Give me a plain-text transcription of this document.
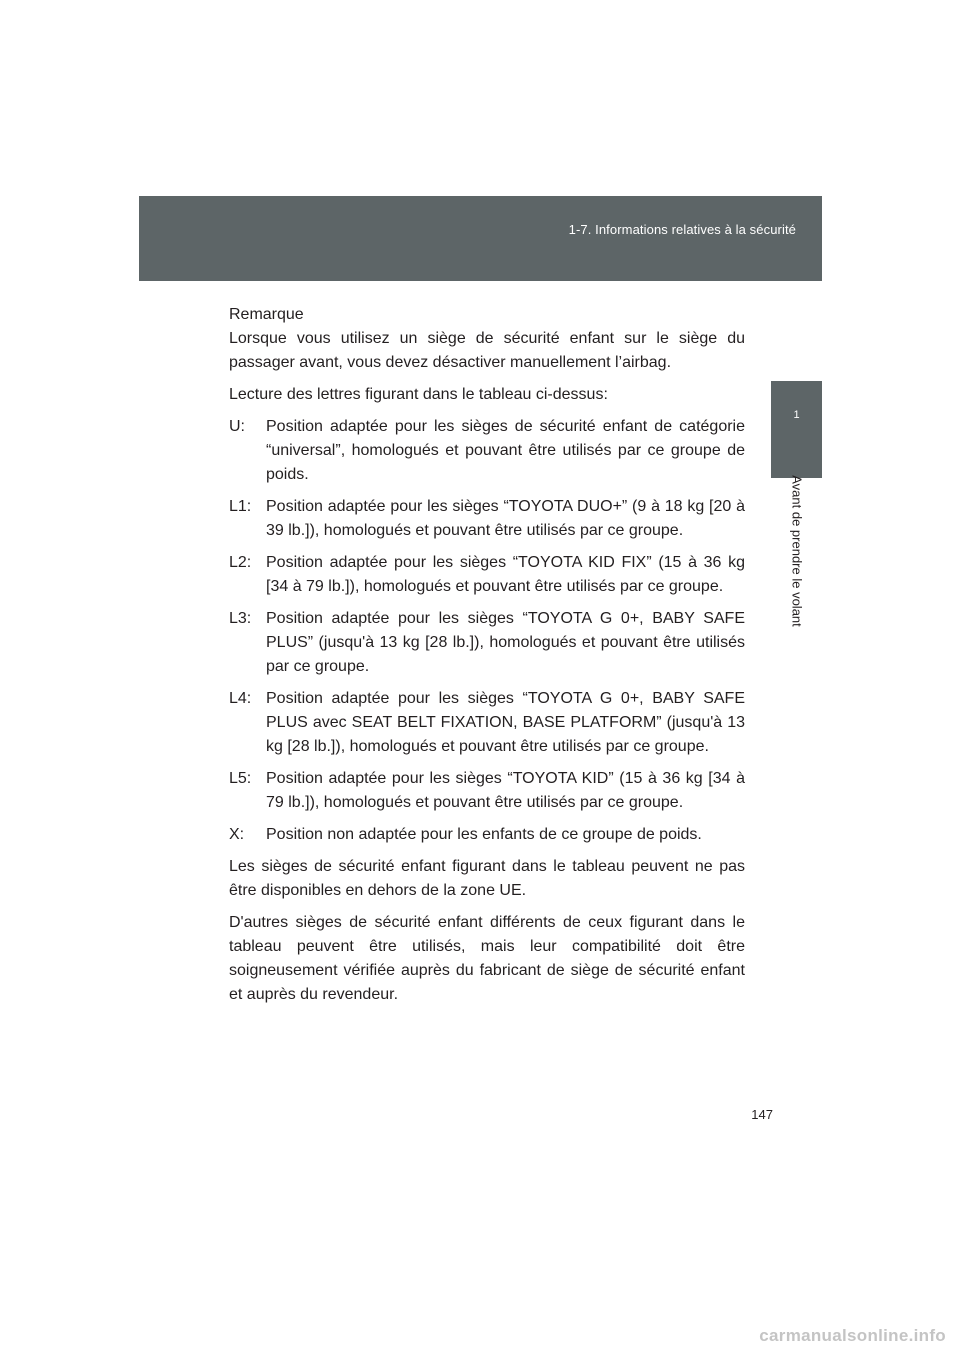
1-7. Informations relatives à la sécurité
1
Avant de prendre le volant

Remarque

Lorsque vous utilisez un siège de sécurité enfant sur le siège du passager avant, vous devez désactiver manuellement l’airbag.

Lecture des lettres figurant dans le tableau ci-dessus:

U:	Position adaptée pour les sièges de sécurité enfant de catégorie “universal”, homologués et pouvant être utilisés par ce groupe de poids.
L1: Position adaptée pour les sièges “TOYOTA DUO+” (9 à 18 kg [20 à 39 lb.]), homologués et pouvant être utilisés par ce groupe.
L2: Position adaptée pour les sièges “TOYOTA KID FIX” (15 à 36 kg [34 à 79 lb.]), homologués et pouvant être utilisés par ce groupe.
L3: Position adaptée pour les sièges “TOYOTA G 0+, BABY SAFE PLUS” (jusqu'à 13 kg [28 lb.]), homologués et pouvant être utilisés par ce groupe.
L4: Position adaptée pour les sièges “TOYOTA G 0+, BABY SAFE PLUS avec SEAT BELT FIXATION, BASE PLATFORM” (jusqu'à 13 kg [28 lb.]), homologués et pouvant être utilisés par ce groupe.
L5: Position adaptée pour les sièges “TOYOTA KID” (15 à 36 kg [34 à 79 lb.]), homologués et pouvant être utilisés par ce groupe.
X:	Position non adaptée pour les enfants de ce groupe de poids.

Les sièges de sécurité enfant figurant dans le tableau peuvent ne pas être disponibles en dehors de la zone UE.

D'autres sièges de sécurité enfant différents de ceux figurant dans le tableau peuvent être utilisés, mais leur compatibilité doit être soigneusement vérifiée auprès du fabricant de siège de sécurité enfant et auprès du revendeur.

147
carmanualsonline.info
